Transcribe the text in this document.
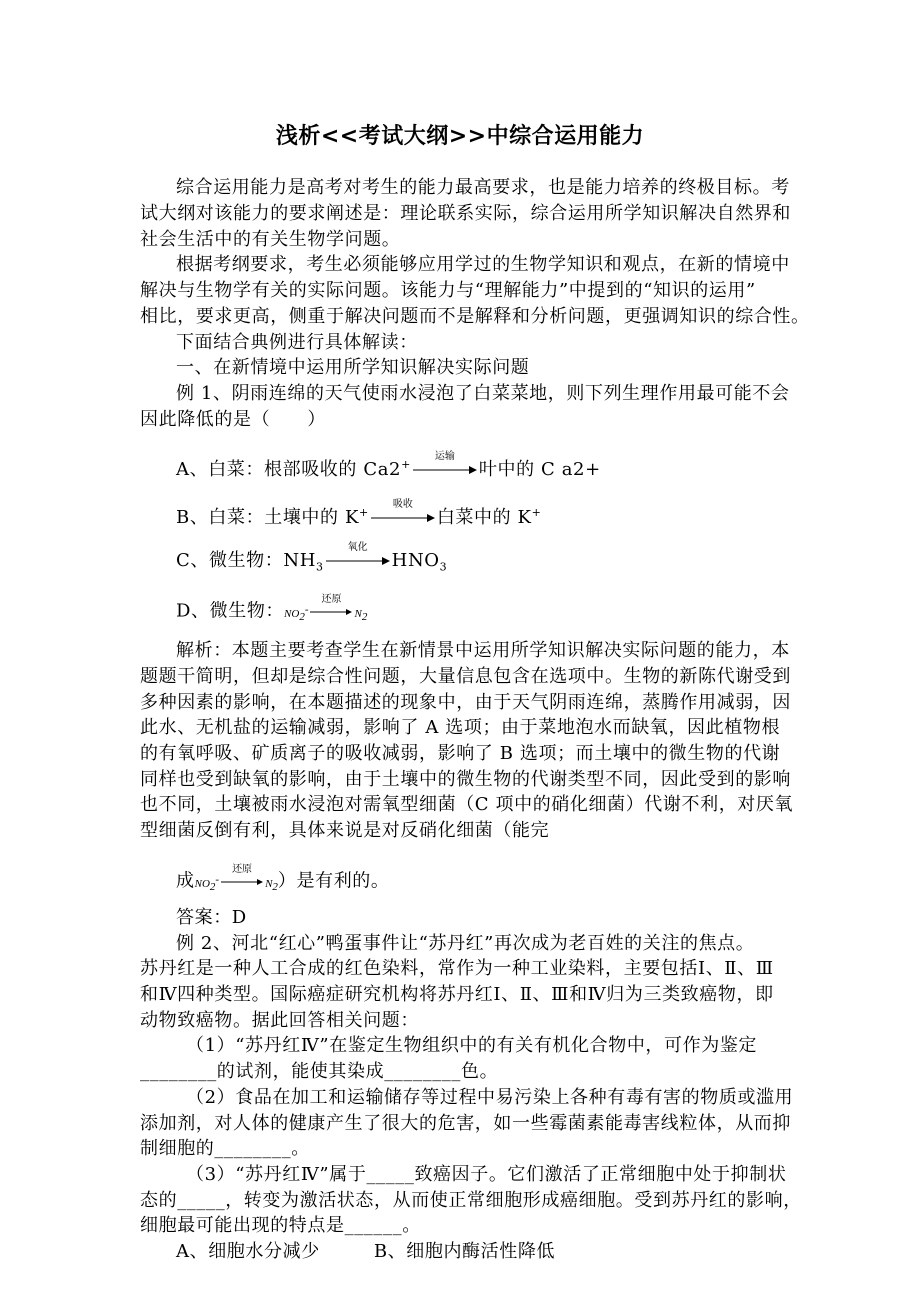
浅析<<考试大纲>>中综合运用能力
综合运用能力是高考对考生的能力最高要求，也是能力培养的终极目标。考
试大纲对该能力的要求阐述是：理论联系实际，综合运用所学知识解决自然界和
社会生活中的有关生物学问题。
根据考纲要求，考生必须能够应用学过的生物学知识和观点，在新的情境中
解决与生物学有关的实际问题。该能力与“理解能力”中提到的“知识的运用”
相比，要求更高，侧重于解决问题而不是解释和分析问题，更强调知识的综合性。
下面结合典例进行具体解读：
一、在新情境中运用所学知识解决实际问题
例 1、阴雨连绵的天气使雨水浸泡了白菜菜地，则下列生理作用最可能不会
因此降低的是（　　）
A、白菜：根部吸收的 Ca2+
运输
叶中的 C a2+
B、白菜：土壤中的 K+
吸收
白菜中的 K+
C、微生物：$NH_3$
氧化
$HNO_3$
D、微生物：$NO_2^-$
还原
$N_2$
解析：本题主要考查学生在新情景中运用所学知识解决实际问题的能力，本
题题干简明，但却是综合性问题，大量信息包含在选项中。生物的新陈代谢受到
多种因素的影响，在本题描述的现象中，由于天气阴雨连绵，蒸腾作用减弱，因
此水、无机盐的运输减弱，影响了 A 选项；由于菜地泡水而缺氧，因此植物根
的有氧呼吸、矿质离子的吸收减弱，影响了 B 选项；而土壤中的微生物的代谢
同样也受到缺氧的影响，由于土壤中的微生物的代谢类型不同，因此受到的影响
也不同，土壤被雨水浸泡对需氧型细菌（C 项中的硝化细菌）代谢不利，对厌氧
型细菌反倒有利，具体来说是对反硝化细菌（能完
成$NO_2^-$
还原
$N_2$）是有利的。
答案：D
例 2、河北“红心”鸭蛋事件让“苏丹红”再次成为老百姓的关注的焦点。
苏丹红是一种人工合成的红色染料，常作为一种工业染料，主要包括Ⅰ、Ⅱ、Ⅲ
和Ⅳ四种类型。国际癌症研究机构将苏丹红Ⅰ、Ⅱ、Ⅲ和Ⅳ归为三类致癌物，即
动物致癌物。据此回答相关问题：
（1）“苏丹红Ⅳ”在鉴定生物组织中的有关有机化合物中，可作为鉴定
________的试剂，能使其染成________色。
（2）食品在加工和运输储存等过程中易污染上各种有毒有害的物质或滥用
添加剂，对人体的健康产生了很大的危害，如一些霉菌素能毒害线粒体，从而抑
制细胞的________。
（3）“苏丹红Ⅳ”属于_____致癌因子。它们激活了正常细胞中处于抑制状
态的_____，转变为激活状态，从而使正常细胞形成癌细胞。受到苏丹红的影响，
细胞最可能出现的特点是______。
A、细胞水分减少	B、细胞内酶活性降低
